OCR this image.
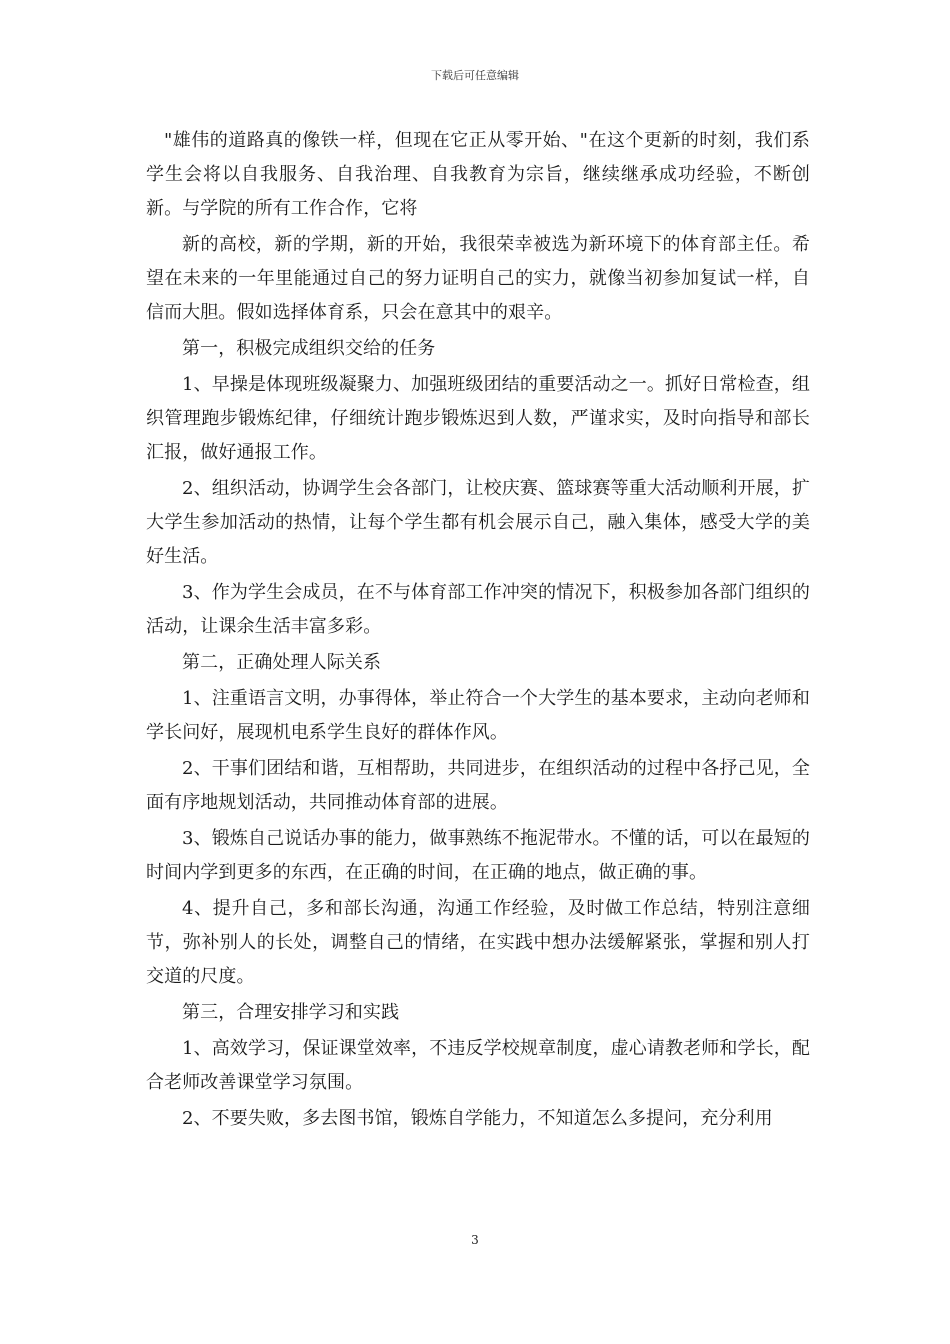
下载后可任意编辑

"雄伟的道路真的像铁一样，但现在它正从零开始、"在这个更新的时刻，我们系学生会将以自我服务、自我治理、自我教育为宗旨，继续继承成功经验，不断创新。与学院的所有工作合作，它将

新的高校，新的学期，新的开始，我很荣幸被选为新环境下的体育部主任。希望在未来的一年里能通过自己的努力证明自己的实力，就像当初参加复试一样，自信而大胆。假如选择体育系，只会在意其中的艰辛。

第一，积极完成组织交给的任务

1、早操是体现班级凝聚力、加强班级团结的重要活动之一。抓好日常检查，组织管理跑步锻炼纪律，仔细统计跑步锻炼迟到人数，严谨求实，及时向指导和部长汇报，做好通报工作。

2、组织活动，协调学生会各部门，让校庆赛、篮球赛等重大活动顺利开展，扩大学生参加活动的热情，让每个学生都有机会展示自己，融入集体，感受大学的美好生活。

3、作为学生会成员，在不与体育部工作冲突的情况下，积极参加各部门组织的活动，让课余生活丰富多彩。

第二，正确处理人际关系

1、注重语言文明，办事得体，举止符合一个大学生的基本要求，主动向老师和学长问好，展现机电系学生良好的群体作风。

2、干事们团结和谐，互相帮助，共同进步，在组织活动的过程中各抒己见，全面有序地规划活动，共同推动体育部的进展。

3、锻炼自己说话办事的能力，做事熟练不拖泥带水。不懂的话，可以在最短的时间内学到更多的东西，在正确的时间，在正确的地点，做正确的事。

4、提升自己，多和部长沟通，沟通工作经验，及时做工作总结，特别注意细节，弥补别人的长处，调整自己的情绪，在实践中想办法缓解紧张，掌握和别人打交道的尺度。

第三，合理安排学习和实践

1、高效学习，保证课堂效率，不违反学校规章制度，虚心请教老师和学长，配合老师改善课堂学习氛围。

2、不要失败，多去图书馆，锻炼自学能力，不知道怎么多提问，充分利用

3
